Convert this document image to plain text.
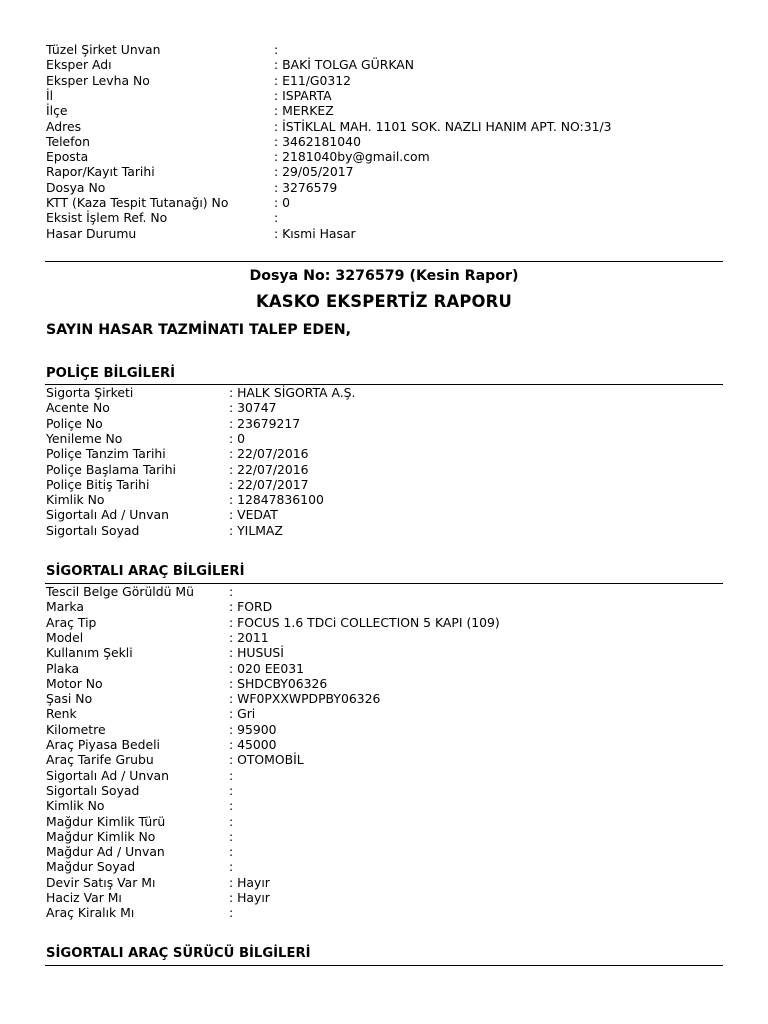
Tüzel Şirket Unvan	:
Eksper Adı	: BAKİ TOLGA GÜRKAN
Eksper Levha No	: E11/G0312
İl	: ISPARTA
İlçe	: MERKEZ
Adres	: İSTİKLAL MAH. 1101 SOK. NAZLI HANIM APT. NO:31/3
Telefon	: 3462181040
Eposta	: 2181040by@gmail.com
Rapor/Kayıt Tarihi	: 29/05/2017
Dosya No	: 3276579
KTT (Kaza Tespit Tutanağı) No	: 0
Eksist İşlem Ref. No	:
Hasar Durumu	: Kısmi Hasar
Dosya No: 3276579 (Kesin Rapor)
KASKO EKSPERTİZ RAPORU
SAYIN HASAR TAZMİNATI TALEP EDEN,
POLİÇE BİLGİLERİ
Sigorta Şirketi	: HALK SİGORTA A.Ş.
Acente No	: 30747
Poliçe No	: 23679217
Yenileme No	: 0
Poliçe Tanzim Tarihi	: 22/07/2016
Poliçe Başlama Tarihi	: 22/07/2016
Poliçe Bitiş Tarihi	: 22/07/2017
Kimlik No	: 12847836100
Sigortalı Ad / Unvan	: VEDAT
Sigortalı Soyad	: YILMAZ
SİGORTALI ARAÇ BİLGİLERİ
Tescil Belge Görüldü Mü	:
Marka	: FORD
Araç Tip	: FOCUS 1.6 TDCi COLLECTION 5 KAPI (109)
Model	: 2011
Kullanım Şekli	: HUSUSİ
Plaka	: 020 EE031
Motor No	: SHDCBY06326
Şasi No	: WF0PXXWPDPBY06326
Renk	: Gri
Kilometre	: 95900
Araç Piyasa Bedeli	: 45000
Araç Tarife Grubu	: OTOMOBİL
Sigortalı Ad / Unvan	:
Sigortalı Soyad	:
Kimlik No	:
Mağdur Kimlik Türü	:
Mağdur Kimlik No	:
Mağdur Ad / Unvan	:
Mağdur Soyad	:
Devir Satış Var Mı	: Hayır
Haciz Var Mı	: Hayır
Araç Kiralık Mı	:
SİGORTALI ARAÇ SÜRÜCÜ BİLGİLERİ
